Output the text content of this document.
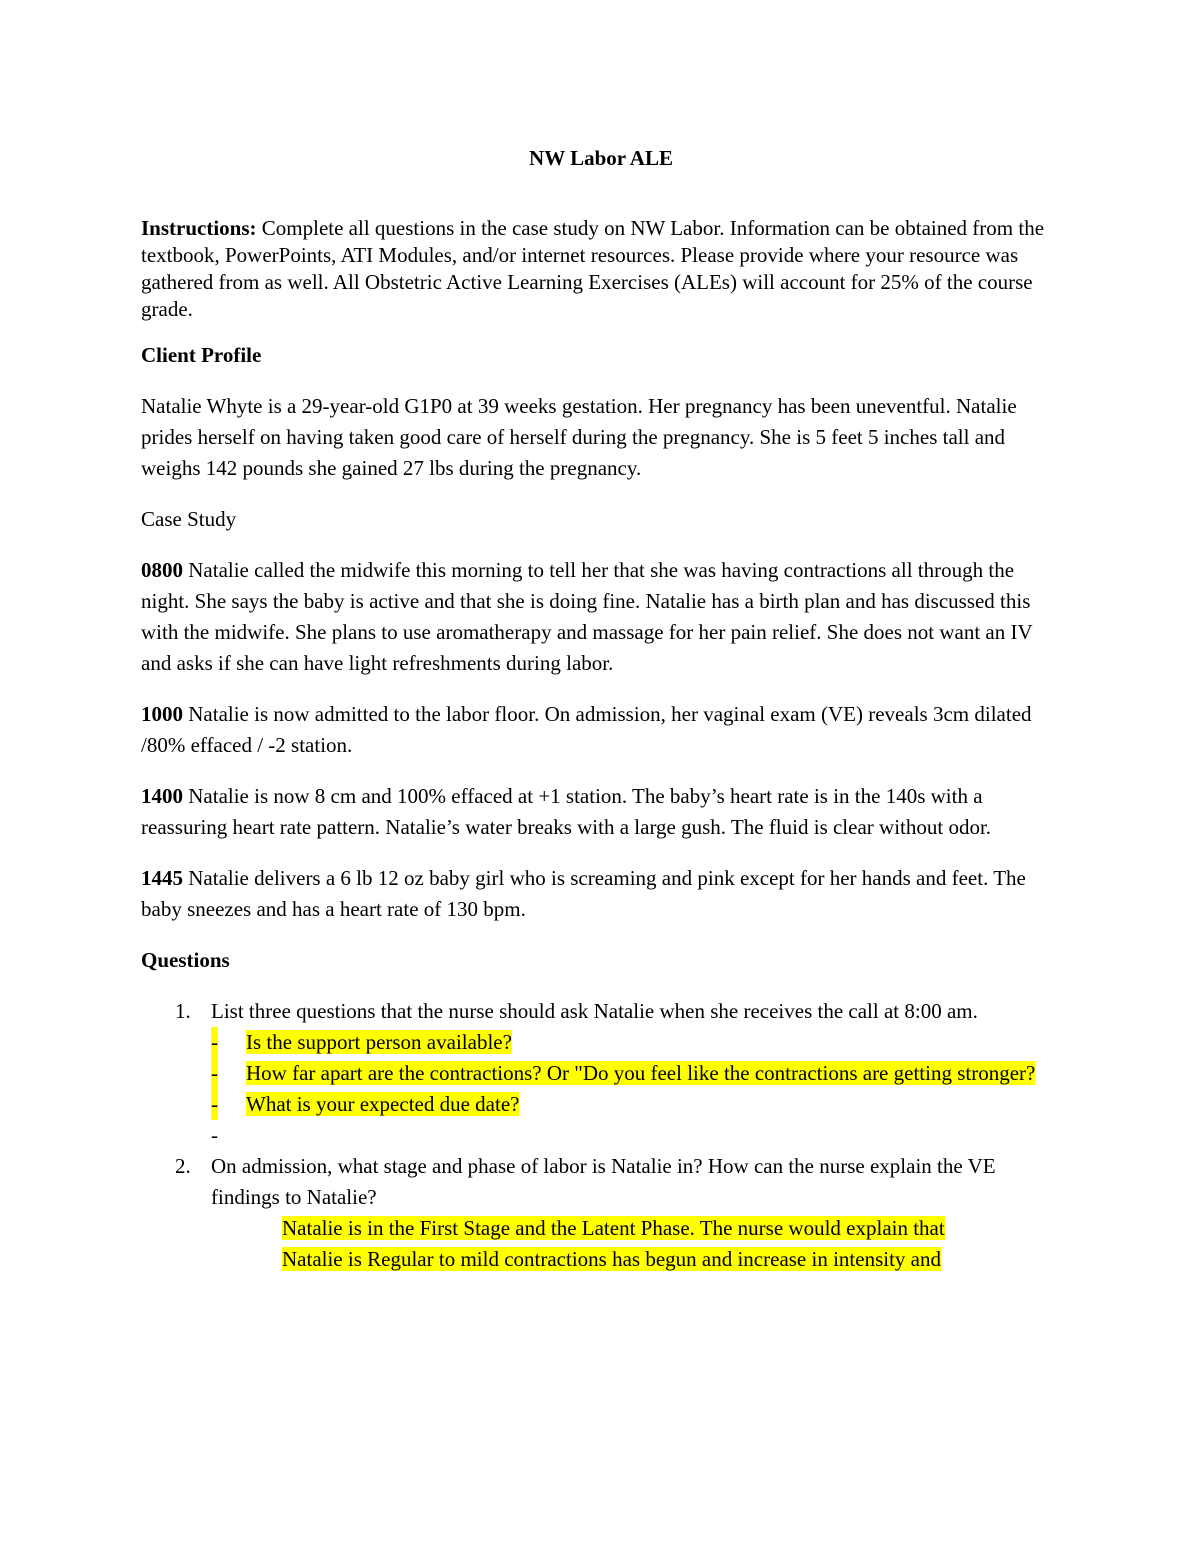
NW Labor ALE
Instructions: Complete all questions in the case study on NW Labor. Information can be obtained from the textbook, PowerPoints, ATI Modules, and/or internet resources. Please provide where your resource was gathered from as well. All Obstetric Active Learning Exercises (ALEs) will account for 25% of the course grade.
Client Profile
Natalie Whyte is a 29-year-old G1P0 at 39 weeks gestation. Her pregnancy has been uneventful. Natalie prides herself on having taken good care of herself during the pregnancy. She is 5 feet 5 inches tall and weighs 142 pounds she gained 27 lbs during the pregnancy.
Case Study
0800 Natalie called the midwife this morning to tell her that she was having contractions all through the night. She says the baby is active and that she is doing fine. Natalie has a birth plan and has discussed this with the midwife. She plans to use aromatherapy and massage for her pain relief. She does not want an IV and asks if she can have light refreshments during labor.
1000 Natalie is now admitted to the labor floor. On admission, her vaginal exam (VE) reveals 3cm dilated /80% effaced / -2 station.
1400 Natalie is now 8 cm and 100% effaced at +1 station. The baby’s heart rate is in the 140s with a reassuring heart rate pattern. Natalie’s water breaks with a large gush. The fluid is clear without odor.
1445 Natalie delivers a 6 lb 12 oz baby girl who is screaming and pink except for her hands and feet. The baby sneezes and has a heart rate of 130 bpm.
Questions
1. List three questions that the nurse should ask Natalie when she receives the call at 8:00 am.
- Is the support person available?
- How far apart are the contractions? Or "Do you feel like the contractions are getting stronger?
- What is your expected due date?
-

2. On admission, what stage and phase of labor is Natalie in? How can the nurse explain the VE findings to Natalie?
Natalie is in the First Stage and the Latent Phase. The nurse would explain that Natalie is Regular to mild contractions has begun and increase in intensity and
